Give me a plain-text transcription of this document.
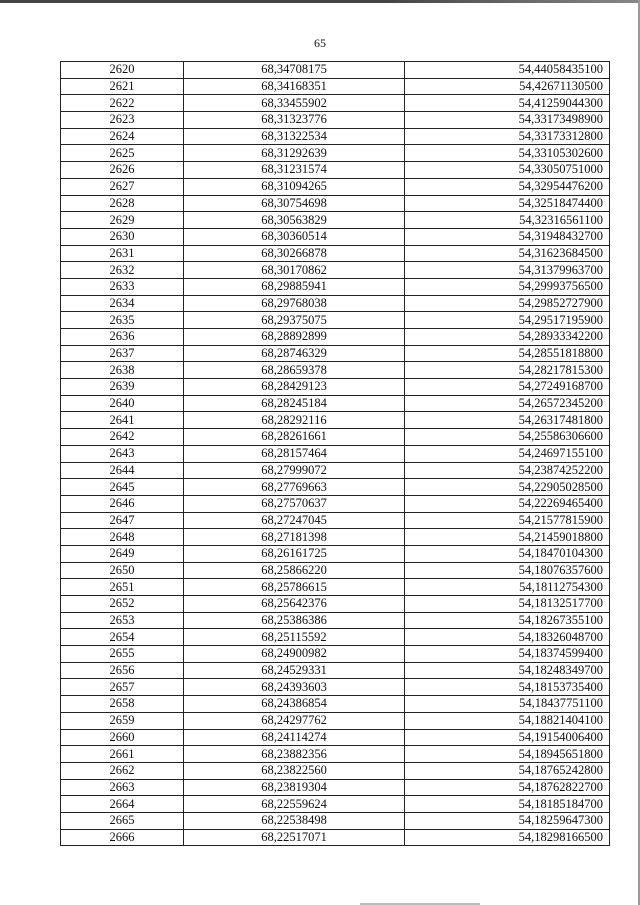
65
2620	68,34708175	54,44058435100
2621	68,34168351	54,42671130500
2622	68,33455902	54,41259044300
2623	68,31323776	54,33173498900
2624	68,31322534	54,33173312800
2625	68,31292639	54,33105302600
2626	68,31231574	54,33050751000
2627	68,31094265	54,32954476200
2628	68,30754698	54,32518474400
2629	68,30563829	54,32316561100
2630	68,30360514	54,31948432700
2631	68,30266878	54,31623684500
2632	68,30170862	54,31379963700
2633	68,29885941	54,29993756500
2634	68,29768038	54,29852727900
2635	68,29375075	54,29517195900
2636	68,28892899	54,28933342200
2637	68,28746329	54,28551818800
2638	68,28659378	54,28217815300
2639	68,28429123	54,27249168700
2640	68,28245184	54,26572345200
2641	68,28292116	54,26317481800
2642	68,28261661	54,25586306600
2643	68,28157464	54,24697155100
2644	68,27999072	54,23874252200
2645	68,27769663	54,22905028500
2646	68,27570637	54,22269465400
2647	68,27247045	54,21577815900
2648	68,27181398	54,21459018800
2649	68,26161725	54,18470104300
2650	68,25866220	54,18076357600
2651	68,25786615	54,18112754300
2652	68,25642376	54,18132517700
2653	68,25386386	54,18267355100
2654	68,25115592	54,18326048700
2655	68,24900982	54,18374599400
2656	68,24529331	54,18248349700
2657	68,24393603	54,18153735400
2658	68,24386854	54,18437751100
2659	68,24297762	54,18821404100
2660	68,24114274	54,19154006400
2661	68,23882356	54,18945651800
2662	68,23822560	54,18765242800
2663	68,23819304	54,18762822700
2664	68,22559624	54,18185184700
2665	68,22538498	54,18259647300
2666	68,22517071	54,18298166500
